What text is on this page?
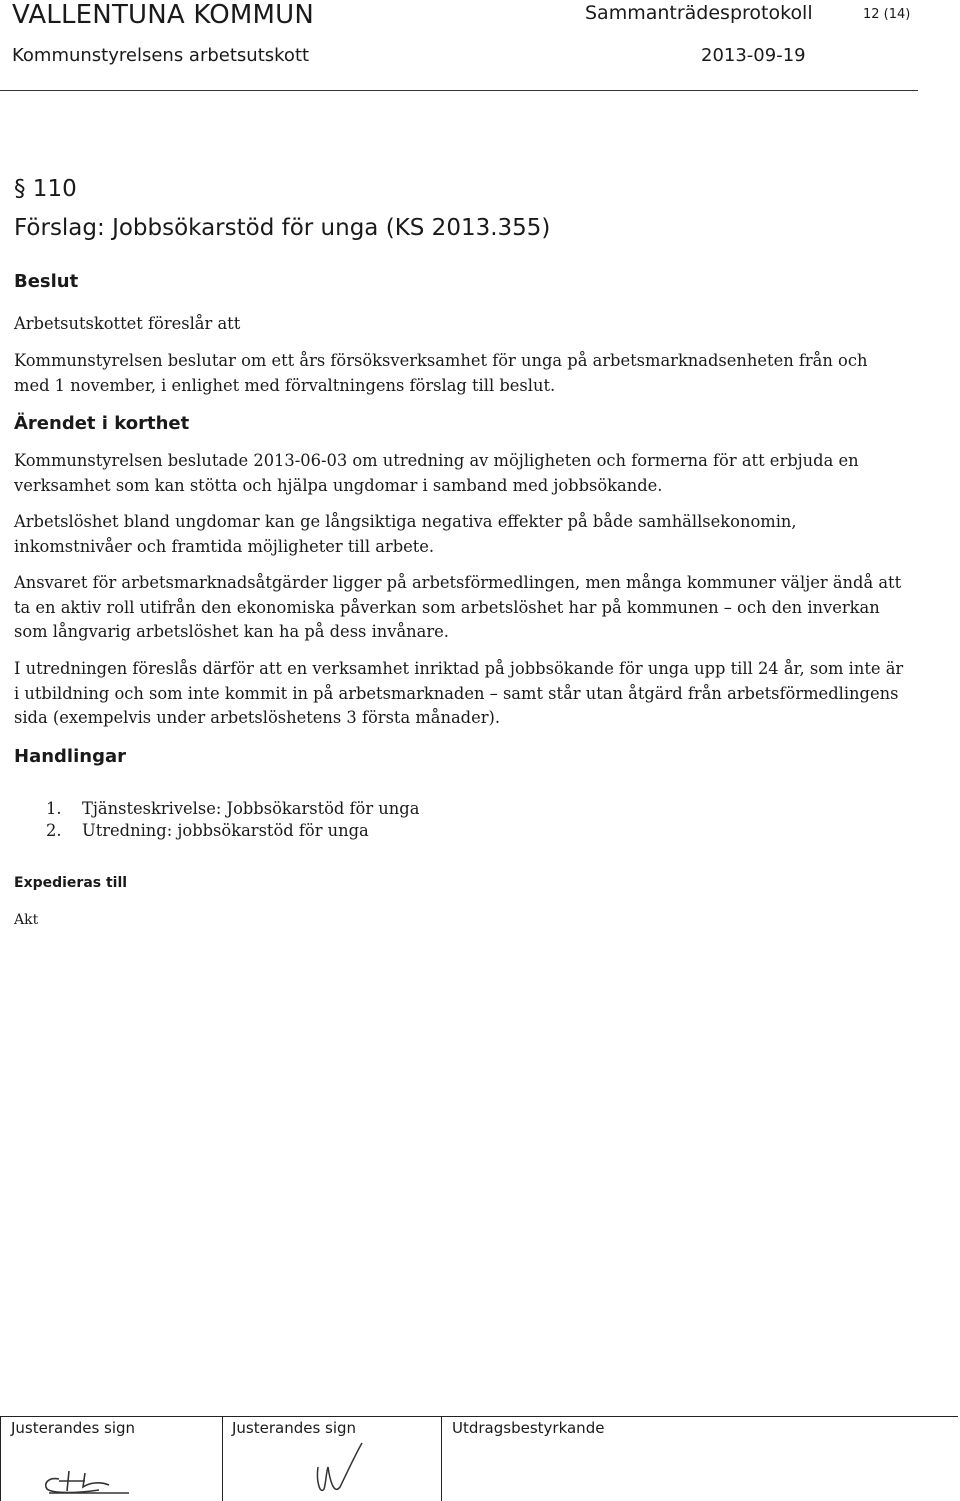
VALLENTUNA KOMMUN	Sammanträdesprotokoll	12 (14)
Kommunstyrelsens arbetsutskott	2013-09-19
§ 110
Förslag: Jobbsökarstöd för unga (KS 2013.355)
Beslut

Arbetsutskottet föreslår att

Kommunstyrelsen beslutar om ett års försöksverksamhet för unga på arbetsmarknadsenheten från och med 1 november, i enlighet med förvaltningens förslag till beslut.

Ärendet i korthet

Kommunstyrelsen beslutade 2013-06-03 om utredning av möjligheten och formerna för att erbjuda en verksamhet som kan stötta och hjälpa ungdomar i samband med jobbsökande.

Arbetslöshet bland ungdomar kan ge långsiktiga negativa effekter på både samhällsekonomin, inkomstnivåer och framtida möjligheter till arbete.

Ansvaret för arbetsmarknadsåtgärder ligger på arbetsförmedlingen, men många kommuner väljer ändå att ta en aktiv roll utifrån den ekonomiska påverkan som arbetslöshet har på kommunen – och den inverkan som långvarig arbetslöshet kan ha på dess invånare.

I utredningen föreslås därför att en verksamhet inriktad på jobbsökande för unga upp till 24 år, som inte är i utbildning och som inte kommit in på arbetsmarknaden – samt står utan åtgärd från arbetsförmedlingens sida (exempelvis under arbetslöshetens 3 första månader).

Handlingar
1.	Tjänsteskrivelse: Jobbsökarstöd för unga
2.	Utredning: jobbsökarstöd för unga
Expedieras till
Akt
Justerandes sign	Justerandes sign	Utdragsbestyrkande
